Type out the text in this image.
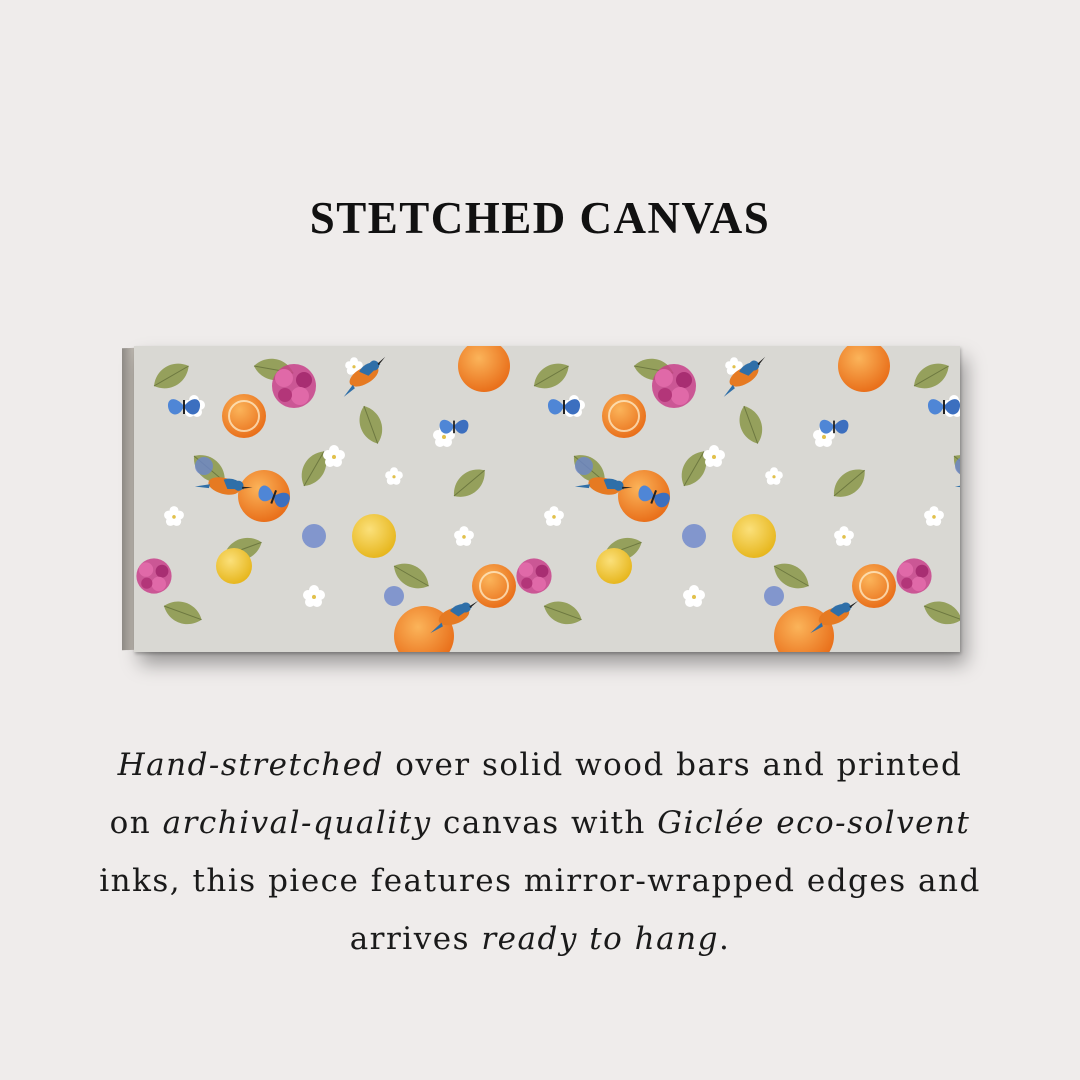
STETCHED CANVAS
Hand-stretched over solid wood bars and printed
on archival-quality canvas with Giclée eco-solvent
inks, this piece features mirror-wrapped edges and
arrives ready to hang.
